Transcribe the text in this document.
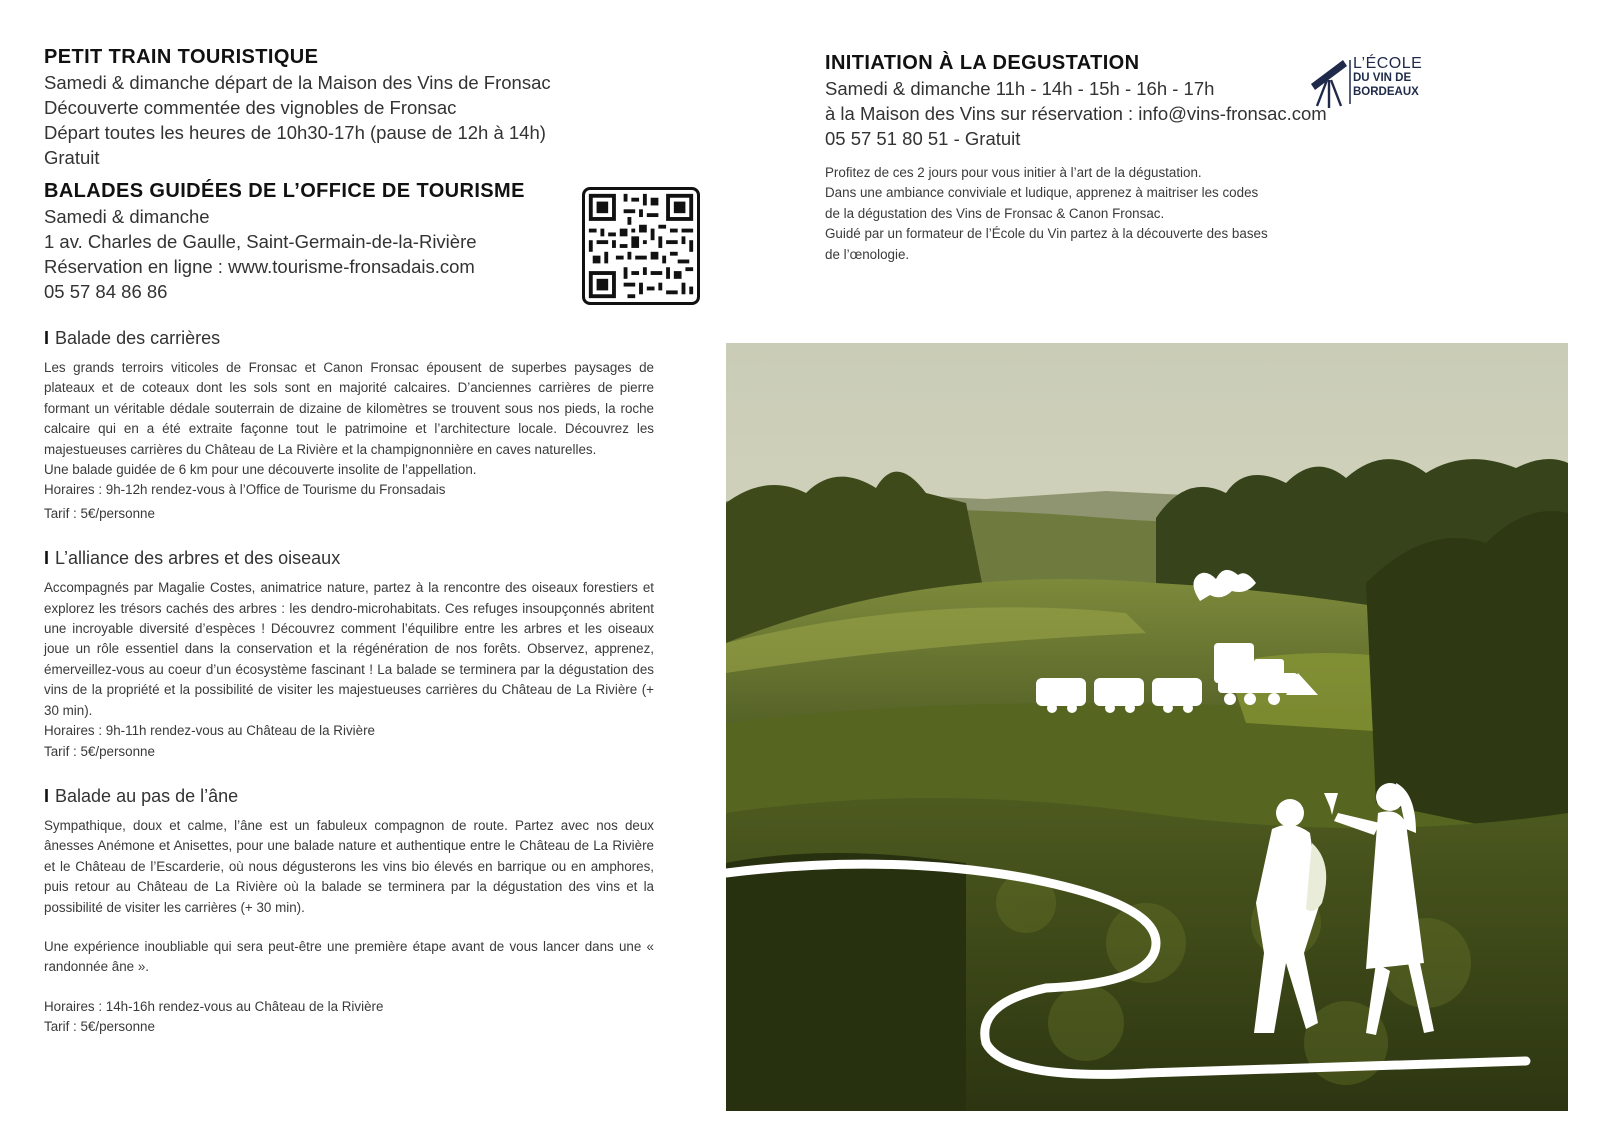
PETIT TRAIN TOURISTIQUE

Samedi & dimanche départ de la Maison des Vins de Fronsac

Découverte commentée des vignobles de Fronsac

Départ toutes les heures de 10h30-17h (pause de 12h à 14h)

Gratuit

BALADES GUIDÉES DE L’OFFICE DE TOURISME

Samedi & dimanche

1 av. Charles de Gaulle, Saint-Germain-de-la-Rivière

Réservation en ligne : www.tourisme-fronsadais.com

05 57 84 86 86

I Balade des carrières

Les grands terroirs viticoles de Fronsac et Canon Fronsac épousent de superbes paysages de plateaux et de coteaux dont les sols sont en majorité calcaires. D’anciennes carrières de pierre formant un véritable dédale souterrain de dizaine de kilomètres se trouvent sous nos pieds, la roche calcaire qui en a été extraite façonne tout le patrimoine et l’architecture locale. Découvrez les majestueuses carrières du Château de La Rivière et la champignonnière en caves naturelles.

Une balade guidée de 6 km pour une découverte insolite de l’appellation.

Horaires : 9h-12h rendez-vous à l’Office de Tourisme du Fronsadais

Tarif : 5€/personne

I L’alliance des arbres et des oiseaux

Accompagnés par Magalie Costes, animatrice nature, partez à la rencontre des oiseaux forestiers et explorez les trésors cachés des arbres : les dendro-microhabitats. Ces refuges insoupçonnés abritent une incroyable diversité d’espèces ! Découvrez comment l’équilibre entre les arbres et les oiseaux joue un rôle essentiel dans la conservation et la régénération de nos forêts. Observez, apprenez, émerveillez-vous au coeur d’un écosystème fascinant ! La balade se terminera par la dégustation des vins de la propriété et la possibilité de visiter les majestueuses carrières du Château de La Rivière (+ 30 min).

Horaires : 9h-11h rendez-vous au Château de la Rivière

Tarif : 5€/personne

I Balade au pas de l’âne

Sympathique, doux et calme, l’âne est un fabuleux compagnon de route. Partez avec nos deux ânesses Anémone et Anisettes, pour une balade nature et authentique entre le Château de La Rivière et le Château de l’Escarderie, où nous dégusterons les vins bio élevés en barrique ou en amphores, puis retour au Château de La Rivière où la balade se terminera par la dégustation des vins et la possibilité de visiter les carrières (+ 30 min).

Une expérience inoubliable qui sera peut-être une première étape avant de vous lancer dans une « randonnée âne ».

Horaires : 14h-16h rendez-vous au Château de la Rivière

Tarif : 5€/personne

INITIATION À LA DEGUSTATION

Samedi & dimanche 11h - 14h - 15h - 16h - 17h

à la Maison des Vins sur réservation : info@vins-fronsac.com

05 57 51 80 51 - Gratuit

Profitez de ces 2 jours pour vous initier à l’art de la dégustation.

Dans une ambiance conviviale et ludique, apprenez à maitriser les codes

de la dégustation des Vins de Fronsac & Canon Fronsac.

Guidé par un formateur de l’École du Vin partez à la découverte des bases

de l’œnologie.

L’ÉCOLE
DU VIN DE
BORDEAUX
